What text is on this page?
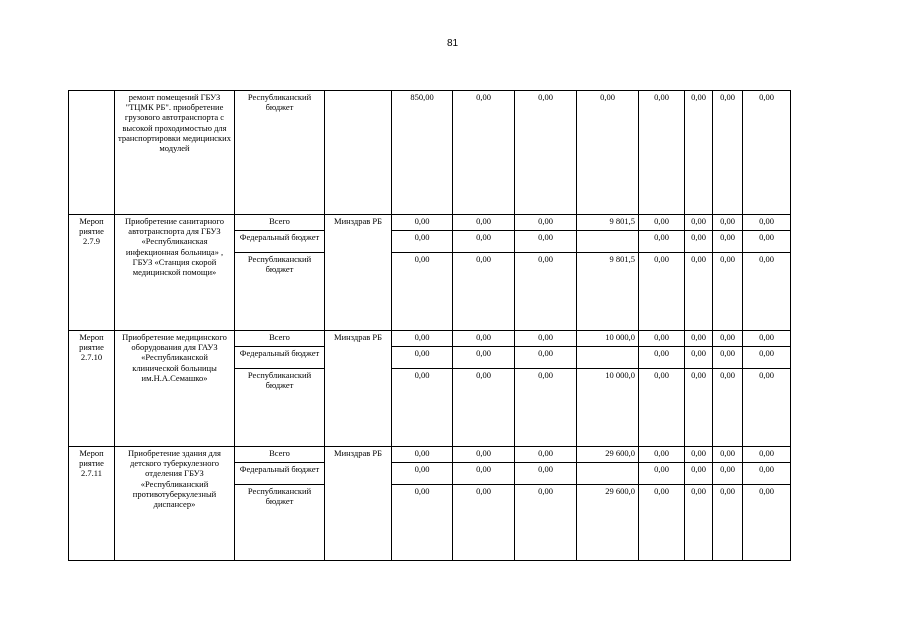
81
	ремонт помещений ГБУЗ "ТЦМК РБ". приобретение грузового автотранспорта с высокой проходимостью для транспортировки медицинских модулей	Республиканский бюджет		850,00	0,00	0,00	0,00	0,00	0,00	0,00	0,00
Мероп риятие 2.7.9	Приобретение санитарного автотранспорта для ГБУЗ «Республиканская инфекционная больница» , ГБУЗ «Станция скорой медицинской помощи»	Всего	Минздрав РБ	0,00	0,00	0,00	9 801,5	0,00	0,00	0,00	0,00
		Федеральный бюджет		0,00	0,00	0,00		0,00	0,00	0,00	0,00
		Республиканский бюджет		0,00	0,00	0,00	9 801,5	0,00	0,00	0,00	0,00
Мероп риятие 2.7.10	Приобретение медицинского оборудования для ГАУЗ «Республиканской клинической больницы им.Н.А.Семашко»	Всего	Минздрав РБ	0,00	0,00	0,00	10 000,0	0,00	0,00	0,00	0,00
		Федеральный бюджет		0,00	0,00	0,00		0,00	0,00	0,00	0,00
		Республиканский бюджет		0,00	0,00	0,00	10 000,0	0,00	0,00	0,00	0,00
Мероп риятие 2.7.11	Приобретение здания для детского туберкулезного отделения ГБУЗ «Республиканский противотуберкулезный диспансер»	Всего	Минздрав РБ	0,00	0,00	0,00	29 600,0	0,00	0,00	0,00	0,00
		Федеральный бюджет		0,00	0,00	0,00		0,00	0,00	0,00	0,00
		Республиканский бюджет		0,00	0,00	0,00	29 600,0	0,00	0,00	0,00	0,00
